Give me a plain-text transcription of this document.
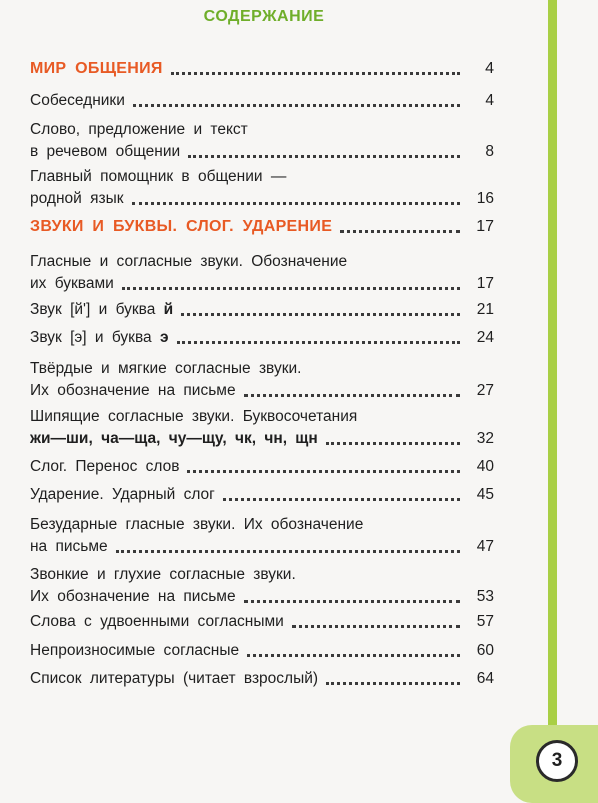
СОДЕРЖАНИЕ
МИР ОБЩЕНИЯ	4
Собеседники	4
Слово, предложение и текст
в речевом общении	8
Главный помощник в общении —
родной язык	16
ЗВУКИ И БУКВЫ. СЛОГ. УДАРЕНИЕ	17
Гласные и согласные звуки. Обозначение
их буквами	17
Звук [й'] и буква
й	21
Звук [э] и буква
э	24
Твёрдые и мягкие согласные звуки.
Их обозначение на письме	27
Шипящие согласные звуки. Буквосочетания
жи—ши, ча—ща, чу—щу, чк, чн, щн	32
Слог. Перенос слов	40
Ударение. Ударный слог	45
Безударные гласные звуки. Их обозначение
на письме	47
Звонкие и глухие согласные звуки.
Их обозначение на письме	53
Слова с удвоенными согласными	57
Непроизносимые согласные	60
Список литературы (читает взрослый)	64
3
